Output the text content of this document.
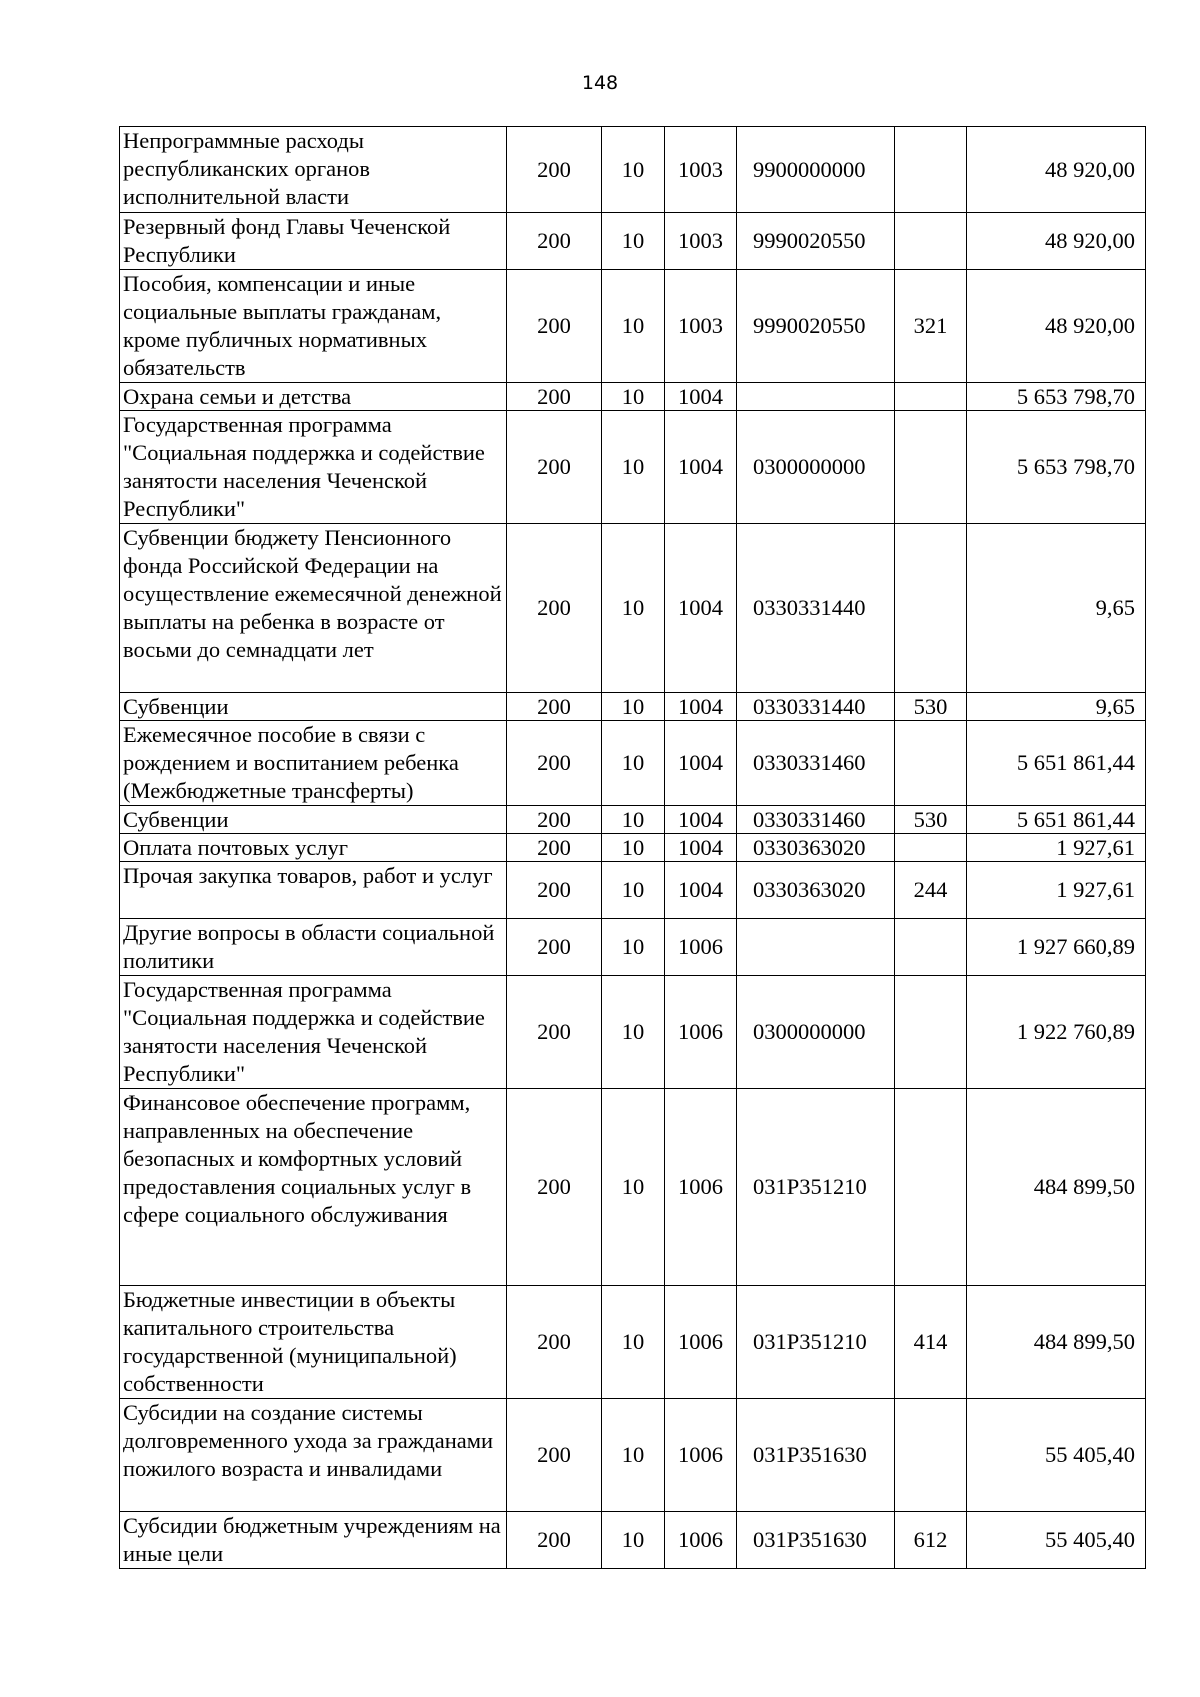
148
Непрограммные расходы республиканских органов исполнительной власти	200	10	1003	9900000000		48 920,00
Резервный фонд Главы Чеченской Республики	200	10	1003	9990020550		48 920,00
Пособия, компенсации и иные социальные выплаты гражданам, кроме публичных нормативных обязательств	200	10	1003	9990020550	321	48 920,00
Охрана семьи и детства	200	10	1004			5 653 798,70
Государственная программа "Социальная поддержка и содействие занятости населения Чеченской Республики"	200	10	1004	0300000000		5 653 798,70
Субвенции бюджету Пенсионного фонда Российской Федерации на осуществление ежемесячной денежной выплаты на ребенка в возрасте от восьми до семнадцати лет	200	10	1004	0330331440		9,65
Субвенции	200	10	1004	0330331440	530	9,65
Ежемесячное пособие в связи с рождением и воспитанием ребенка (Межбюджетные трансферты)	200	10	1004	0330331460		5 651 861,44
Субвенции	200	10	1004	0330331460	530	5 651 861,44
Оплата почтовых услуг	200	10	1004	0330363020		1 927,61
Прочая закупка товаров, работ и услуг	200	10	1004	0330363020	244	1 927,61
Другие вопросы в области социальной политики	200	10	1006			1 927 660,89
Государственная программа "Социальная поддержка и содействие занятости населения Чеченской Республики"	200	10	1006	0300000000		1 922 760,89
Финансовое обеспечение программ, направленных на обеспечение безопасных и комфортных условий предоставления социальных услуг в сфере социального обслуживания	200	10	1006	031P351210		484 899,50
Бюджетные инвестиции в объекты капитального строительства государственной (муниципальной) собственности	200	10	1006	031P351210	414	484 899,50
Субсидии на создание системы долговременного ухода за гражданами пожилого возраста и инвалидами	200	10	1006	031P351630		55 405,40
Субсидии бюджетным учреждениям на иные цели	200	10	1006	031P351630	612	55 405,40
